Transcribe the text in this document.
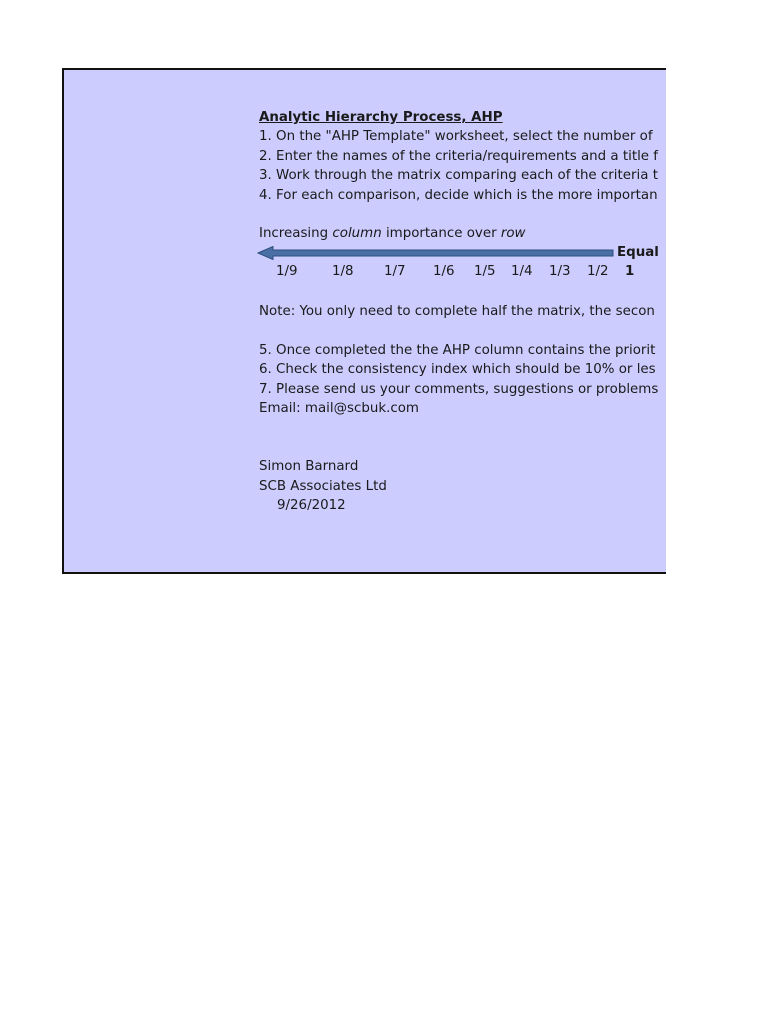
Analytic Hierarchy Process, AHP
1. On the "AHP Template" worksheet, select the number of
2. Enter the names of the criteria/requirements and a title f
3. Work through the matrix comparing each of the criteria t
4. For each comparison, decide which is the more importan
Increasing column importance over row
Equal
1/9	1/8 1/7 1/6 1/5 1/4 1/3 1/2 1
Note: You only need to complete half the matrix, the secon
5. Once completed the the AHP column contains the priorit
6. Check the consistency index which should be 10% or les
7. Please send us your comments, suggestions or problems
Email: mail@scbuk.com
Simon Barnard
SCB Associates Ltd
9/26/2012
